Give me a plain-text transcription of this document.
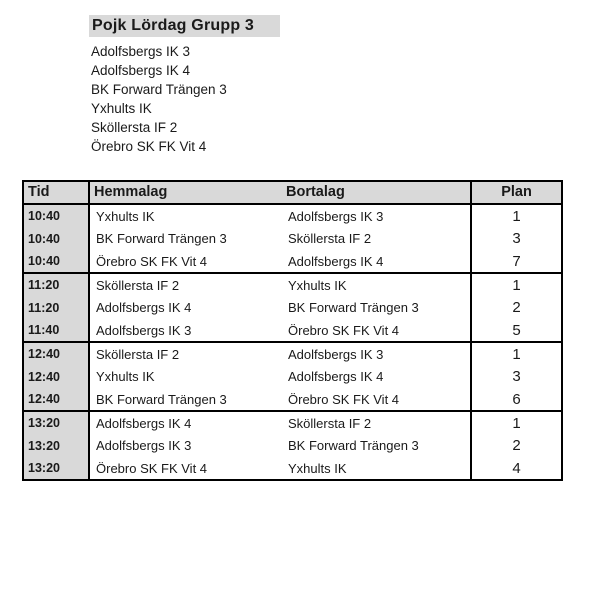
Pojk Lördag Grupp 3
Adolfsbergs IK 3
Adolfsbergs IK 4
BK Forward Trängen 3
Yxhults IK
Sköllersta IF 2
Örebro SK FK Vit 4
Tid	Hemmalag	Bortalag	Plan
10:40	Yxhults IK	Adolfsbergs IK 3	1
10:40	BK Forward Trängen 3	Sköllersta IF 2	3
10:40	Örebro SK FK Vit 4	Adolfsbergs IK 4	7
11:20	Sköllersta IF 2	Yxhults IK	1
11:20	Adolfsbergs IK 4	BK Forward Trängen 3	2
11:40	Adolfsbergs IK 3	Örebro SK FK Vit 4	5
12:40	Sköllersta IF 2	Adolfsbergs IK 3	1
12:40	Yxhults IK	Adolfsbergs IK 4	3
12:40	BK Forward Trängen 3	Örebro SK FK Vit 4	6
13:20	Adolfsbergs IK 4	Sköllersta IF 2	1
13:20	Adolfsbergs IK 3	BK Forward Trängen 3	2
13:20	Örebro SK FK Vit 4	Yxhults IK	4
